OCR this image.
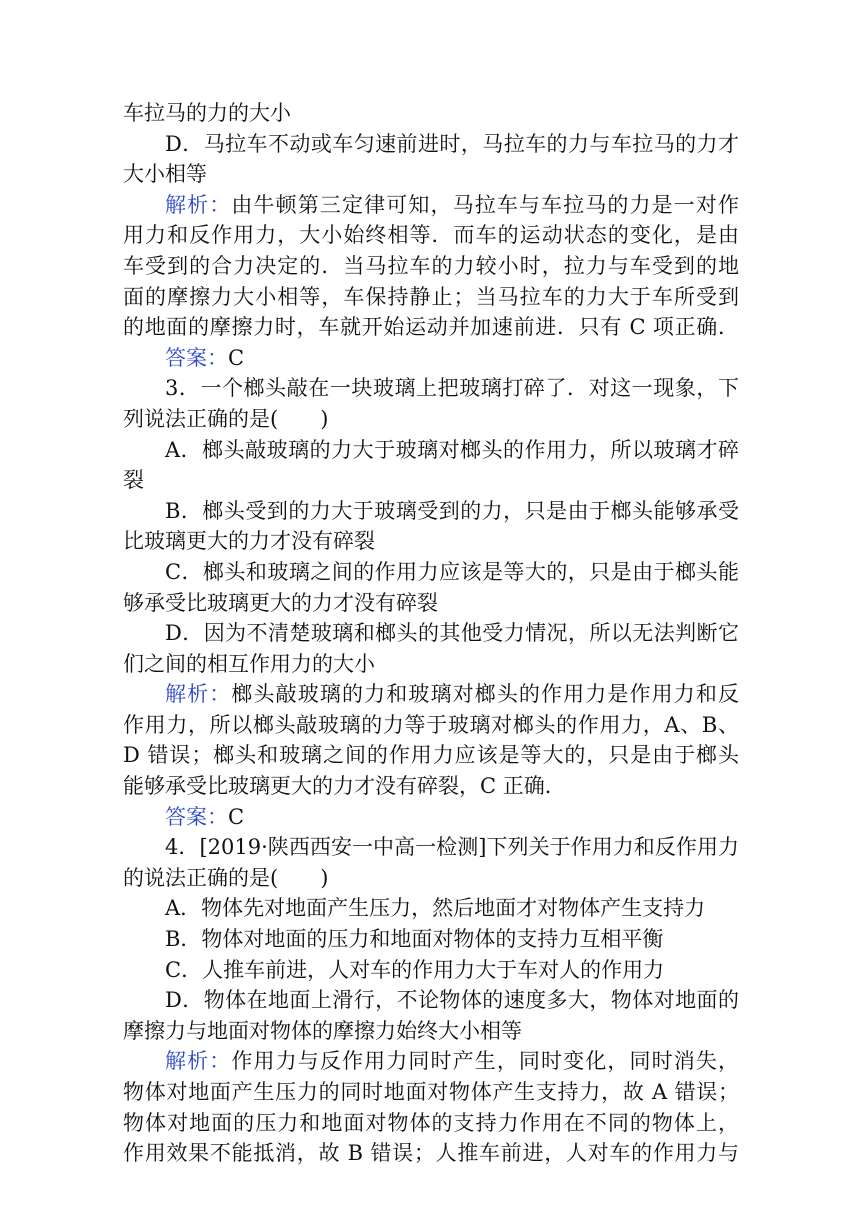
车拉马的力的大小
D．马拉车不动或车匀速前进时，马拉车的力与车拉马的力才
大小相等
解析：由牛顿第三定律可知，马拉车与车拉马的力是一对作
用力和反作用力，大小始终相等．而车的运动状态的变化，是由
车受到的合力决定的．当马拉车的力较小时，拉力与车受到的地
面的摩擦力大小相等，车保持静止；当马拉车的力大于车所受到
的地面的摩擦力时，车就开始运动并加速前进．只有 C 项正确．
答案：C
3．一个榔头敲在一块玻璃上把玻璃打碎了．对这一现象，下
列说法正确的是(　　)
A．榔头敲玻璃的力大于玻璃对榔头的作用力，所以玻璃才碎
裂
B．榔头受到的力大于玻璃受到的力，只是由于榔头能够承受
比玻璃更大的力才没有碎裂
C．榔头和玻璃之间的作用力应该是等大的，只是由于榔头能
够承受比玻璃更大的力才没有碎裂
D．因为不清楚玻璃和榔头的其他受力情况，所以无法判断它
们之间的相互作用力的大小
解析：榔头敲玻璃的力和玻璃对榔头的作用力是作用力和反
作用力，所以榔头敲玻璃的力等于玻璃对榔头的作用力，A、B、
D 错误；榔头和玻璃之间的作用力应该是等大的，只是由于榔头
能够承受比玻璃更大的力才没有碎裂，C 正确．
答案：C
4．[2019·陕西西安一中高一检测]下列关于作用力和反作用力
的说法正确的是(　　)
A．物体先对地面产生压力，然后地面才对物体产生支持力
B．物体对地面的压力和地面对物体的支持力互相平衡
C．人推车前进，人对车的作用力大于车对人的作用力
D．物体在地面上滑行，不论物体的速度多大，物体对地面的
摩擦力与地面对物体的摩擦力始终大小相等
解析：作用力与反作用力同时产生，同时变化，同时消失，
物体对地面产生压力的同时地面对物体产生支持力，故 A 错误；
物体对地面的压力和地面对物体的支持力作用在不同的物体上，
作用效果不能抵消，故 B 错误；人推车前进，人对车的作用力与
